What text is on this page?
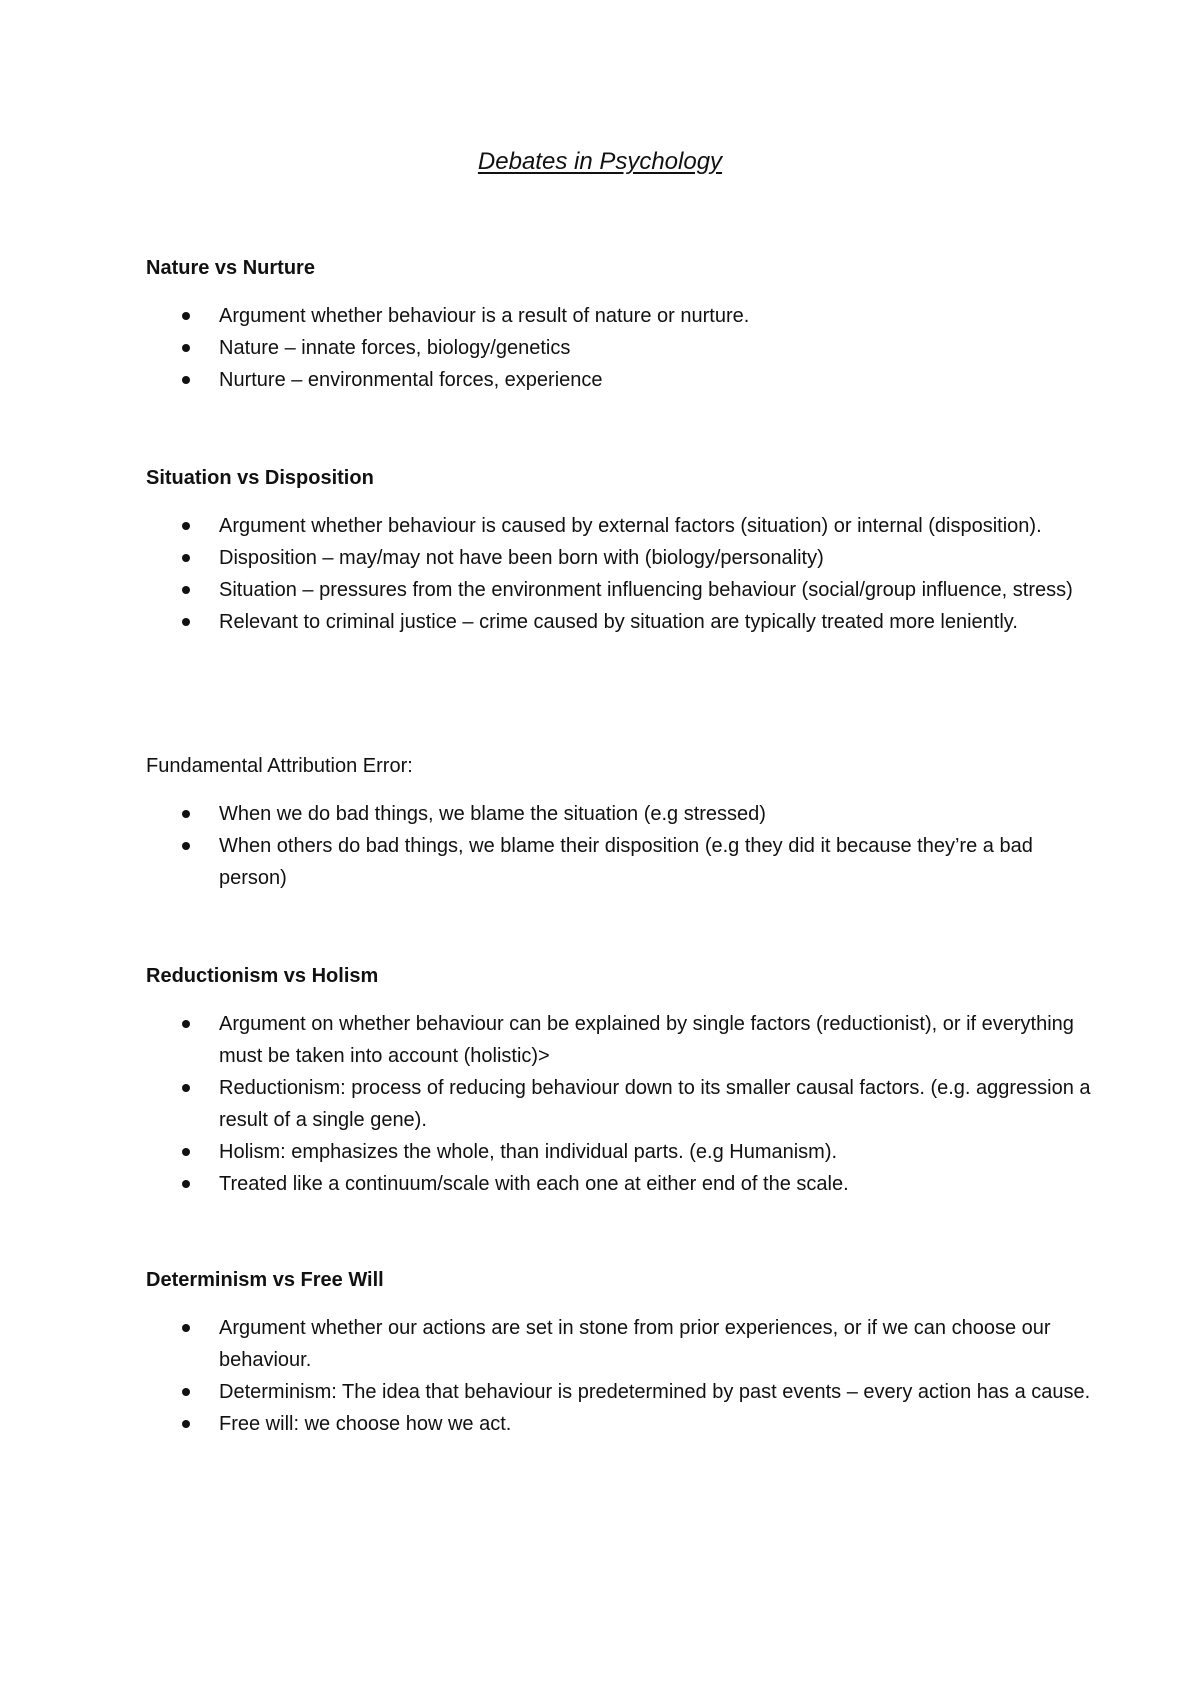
Debates in Psychology
Nature vs Nurture
Argument whether behaviour is a result of nature or nurture.
Nature – innate forces, biology/genetics
Nurture – environmental forces, experience
Situation vs Disposition
Argument whether behaviour is caused by external factors (situation) or internal (disposition).
Disposition – may/may not have been born with (biology/personality)
Situation – pressures from the environment influencing behaviour (social/group influence, stress)
Relevant to criminal justice – crime caused by situation are typically treated more leniently.
Fundamental Attribution Error:
When we do bad things, we blame the situation (e.g stressed)
When others do bad things, we blame their disposition (e.g they did it because they’re a bad person)
Reductionism vs Holism
Argument on whether behaviour can be explained by single factors (reductionist), or if everything must be taken into account (holistic)>
Reductionism: process of reducing behaviour down to its smaller causal factors. (e.g. aggression a result of a single gene).
Holism: emphasizes the whole, than individual parts. (e.g Humanism).
Treated like a continuum/scale with each one at either end of the scale.
Determinism vs Free Will
Argument whether our actions are set in stone from prior experiences, or if we can choose our behaviour.
Determinism: The idea that behaviour is predetermined by past events – every action has a cause.
Free will: we choose how we act.
